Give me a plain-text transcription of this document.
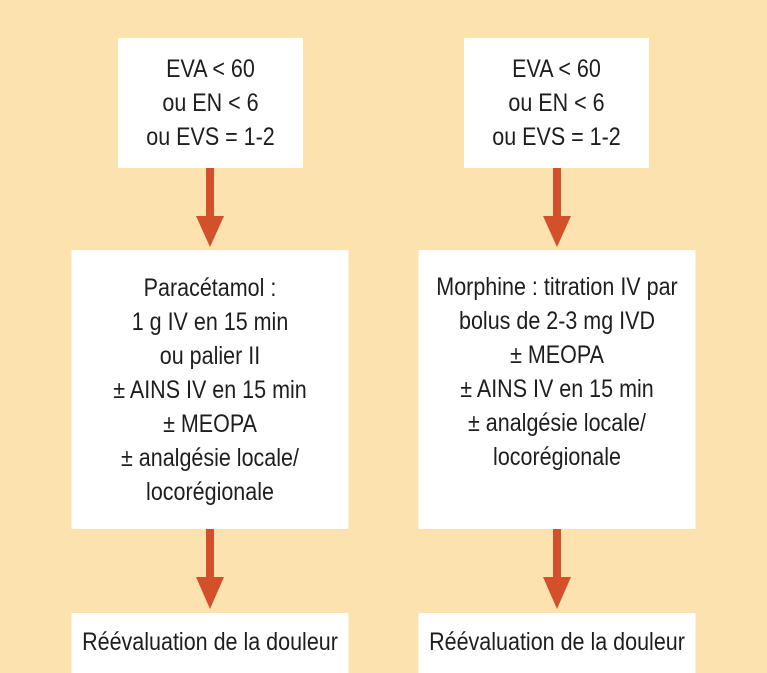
EVA < 60
ou EN < 6
ou EVS = 1-2
Paracétamol :
1 g IV en 15 min
ou palier II
± AINS IV en 15 min
± MEOPA
± analgésie locale/
locorégionale
Réévaluation de la douleur
EVA < 60
ou EN < 6
ou EVS = 1-2
Morphine : titration IV par
bolus de 2-3 mg IVD
± MEOPA
± AINS IV en 15 min
± analgésie locale/
locorégionale
Réévaluation de la douleur
